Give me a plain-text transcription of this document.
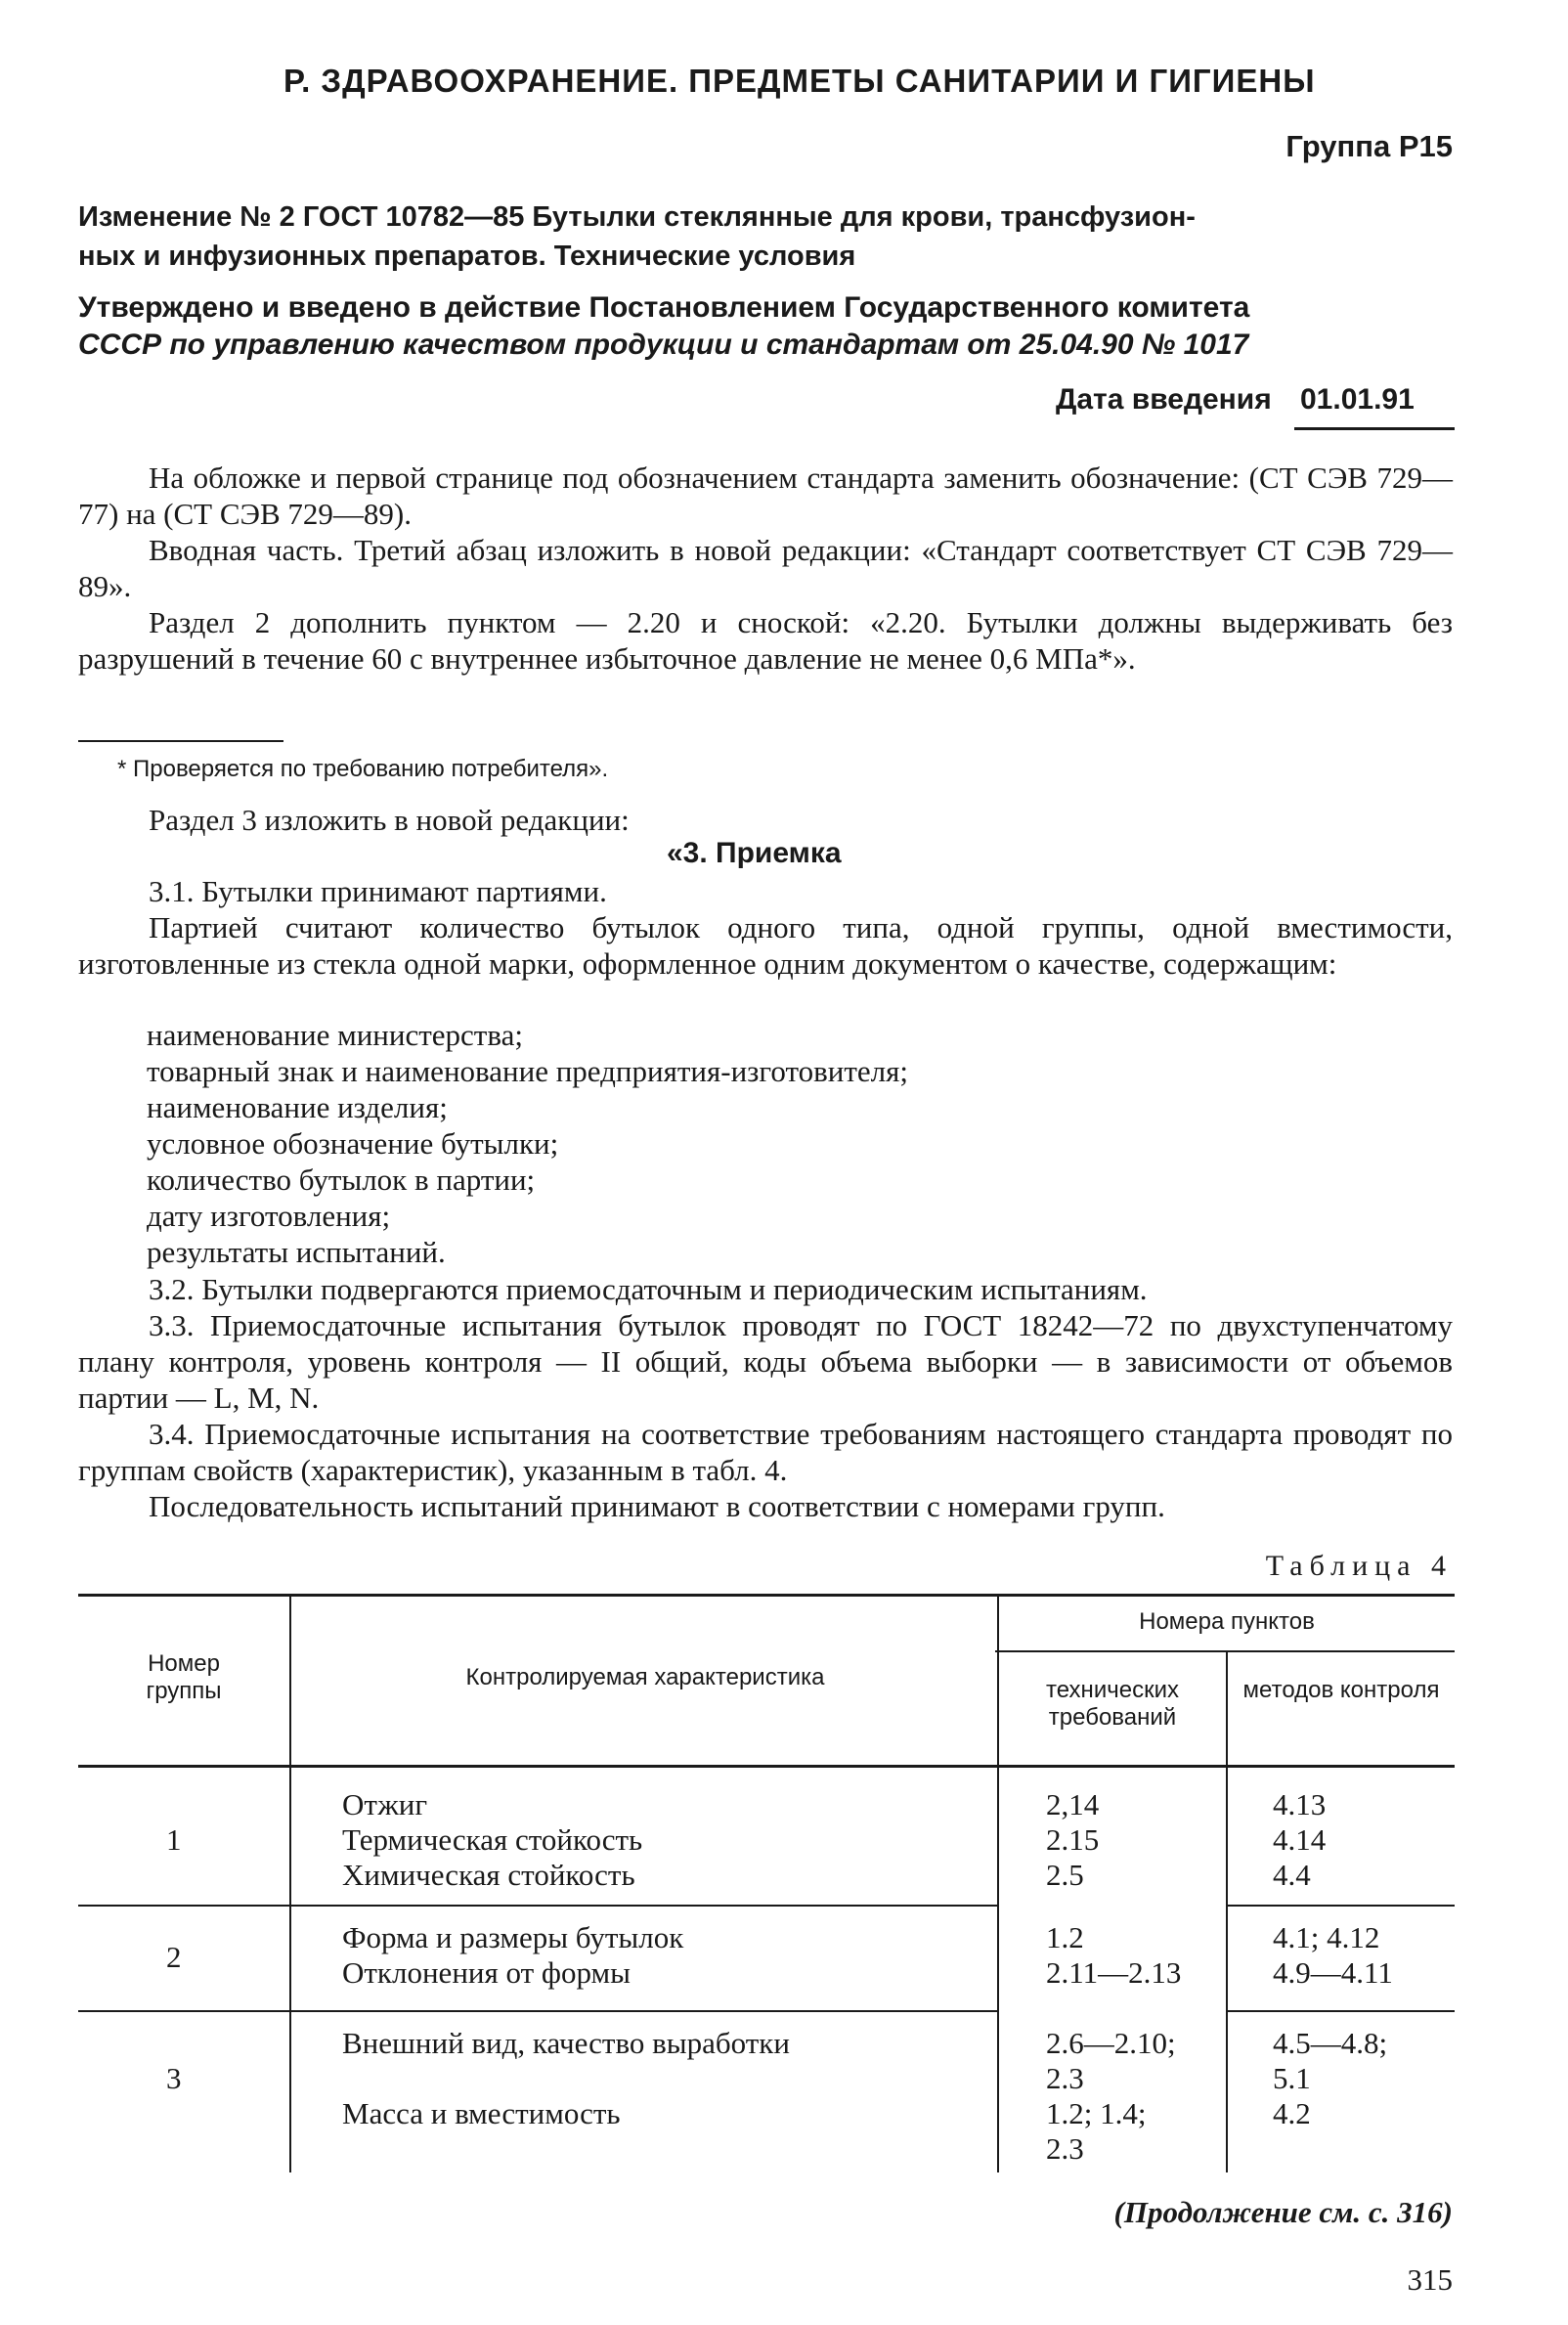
Р. ЗДРАВООХРАНЕНИЕ. ПРЕДМЕТЫ САНИТАРИИ И ГИГИЕНЫ
Группа Р15
Изменение № 2 ГОСТ 10782—85 Бутылки стеклянные для крови, трансфузион-
ных и инфузионных препаратов. Технические условия
Утверждено и введено в действие Постановлением Государственного комитета
СССР по управлению качеством продукции и стандартам от 25.04.90 № 1017
Дата введения 01.01.91
На обложке и первой странице под обозначением стандарта заменить обозначение: (СТ СЭВ 729—77) на (СТ СЭВ 729—89).
Вводная часть. Третий абзац изложить в новой редакции: «Стандарт соответствует СТ СЭВ 729—89».
Раздел 2 дополнить пунктом — 2.20 и сноской: «2.20. Бутылки должны выдерживать без разрушений в течение 60 с внутреннее избыточное давление не менее 0,6 МПа*».
* Проверяется по требованию потребителя».
Раздел 3 изложить в новой редакции:
«3. Приемка
3.1. Бутылки принимают партиями.
Партией считают количество бутылок одного типа, одной группы, одной вместимости, изготовленные из стекла одной марки, оформленное одним документом о качестве, содержащим:
наименование министерства;
товарный знак и наименование предприятия-изготовителя;
наименование изделия;
условное обозначение бутылки;
количество бутылок в партии;
дату изготовления;
результаты испытаний.
3.2. Бутылки подвергаются приемосдаточным и периодическим испытаниям.
3.3. Приемосдаточные испытания бутылок проводят по ГОСТ 18242—72 по двухступенчатому плану контроля, уровень контроля — II общий, коды объема выборки — в зависимости от объемов партии — L, M, N.
3.4. Приемосдаточные испытания на соответствие требованиям настоящего стандарта проводят по группам свойств (характеристик), указанным в табл. 4.
Последовательность испытаний принимают в соответствии с номерами групп.
Таблица 4
Номер группы
Контролируемая характеристика
Номера пунктов
технических требований
методов контроля
1
Отжиг
Термическая стойкость
Химическая стойкость
2,14
2.15
2.5
4.13
4.14
4.4
2
Форма и размеры бутылок
Отклонения от формы
1.2
2.11—2.13
4.1; 4.12
4.9—4.11
3
Внешний вид, качество выработки
Масса и вместимость
2.6—2.10;
2.3
1.2; 1.4;
2.3
4.5—4.8;
5.1
4.2
(Продолжение см. с. 316)
315
